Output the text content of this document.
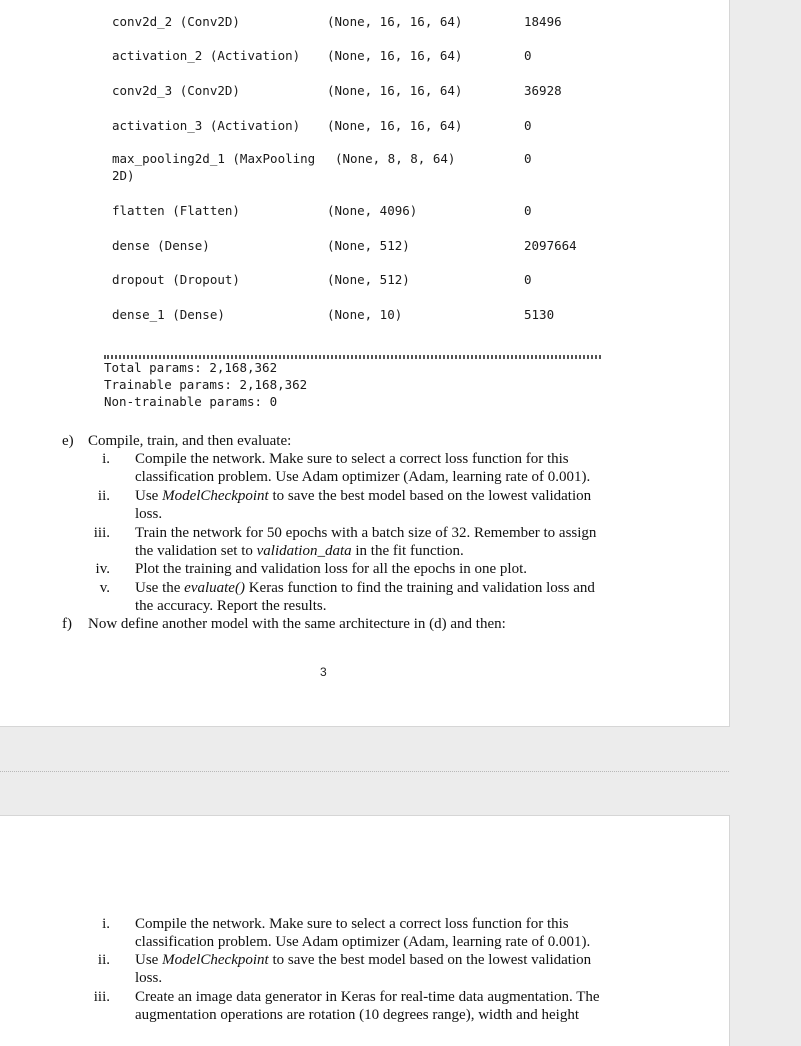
conv2d_2 (Conv2D)	(None, 16, 16, 64)	18496
activation_2 (Activation) (None, 16, 16, 64)	0
conv2d_3 (Conv2D)	(None, 16, 16, 64)	36928
activation_3 (Activation) (None, 16, 16, 64)	0
max_pooling2d_1 (MaxPooling (None, 8, 8, 64)	0
2D)
flatten (Flatten)	(None, 4096)	0
dense (Dense)	(None, 512)	2097664
dropout (Dropout)	(None, 512)	0
dense_1 (Dense)	(None, 10)	5130
Total params: 2,168,362
Trainable params: 2,168,362
Non-trainable params: 0
e) Compile, train, and then evaluate:
i. Compile the network. Make sure to select a correct loss function for this
classification problem. Use Adam optimizer (Adam, learning rate of 0.001).
ii. Use ModelCheckpoint to save the best model based on the lowest validation
loss.
iii. Train the network for 50 epochs with a batch size of 32. Remember to assign
the validation set to validation_data in the fit function.
iv. Plot the training and validation loss for all the epochs in one plot.
v. Use the evaluate() Keras function to find the training and validation loss and
the accuracy. Report the results.
f) Now define another model with the same architecture in (d) and then:
3
i. Compile the network. Make sure to select a correct loss function for this
classification problem. Use Adam optimizer (Adam, learning rate of 0.001).
ii. Use ModelCheckpoint to save the best model based on the lowest validation
loss.
iii. Create an image data generator in Keras for real-time data augmentation. The
augmentation operations are rotation (10 degrees range), width and height
